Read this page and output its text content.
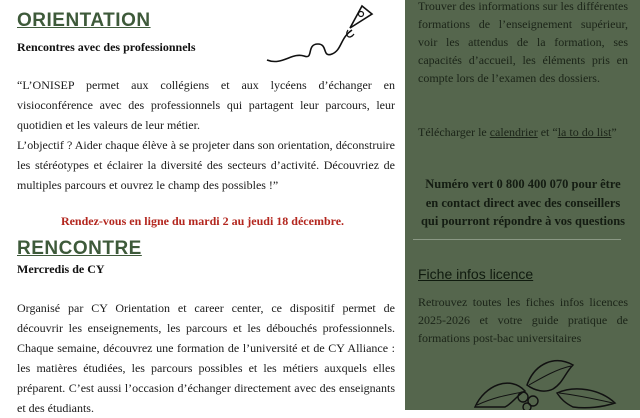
ORIENTATION
Rencontres avec des professionnels

“L’ONISEP permet aux collégiens et aux lycéens d’échanger en visioconférence avec des professionnels qui partagent leur parcours, leur quotidien et les valeurs de leur métier.

L’objectif ? Aider chaque élève à se projeter dans son orientation, déconstruire les stéréotypes et éclairer la diversité des secteurs d’activité. Découvriez de multiples parcours et ouvrez le champ des possibles !”

Rendez-vous en ligne du mardi 2 au jeudi 18 décembre.
RENCONTRE
Mercredis de CY

Organisé par CY Orientation et career center, ce dispositif permet de découvrir les enseignements, les parcours et les débouchés professionnels. Chaque semaine, découvrez une formation de l’université et de CY Alliance : les matières étudiées, les parcours possibles et les métiers auxquels elles préparent. C’est aussi l’occasion d’échanger directement avec des enseignants et des étudiants.

Trouver des informations sur les différentes formations de l’enseignement supérieur, voir les attendus de la formation, ses capacités d’accueil, les éléments pris en compte lors de l’examen des dossiers.

Télécharger le calendrier et “la to do list”

Numéro vert 0 800 400 070 pour être en contact direct avec des conseillers qui pourront répondre à vos questions

Fiche infos licence

Retrouvez toutes les fiches infos licences 2025-2026 et votre guide pratique de formations post-bac universitaires
